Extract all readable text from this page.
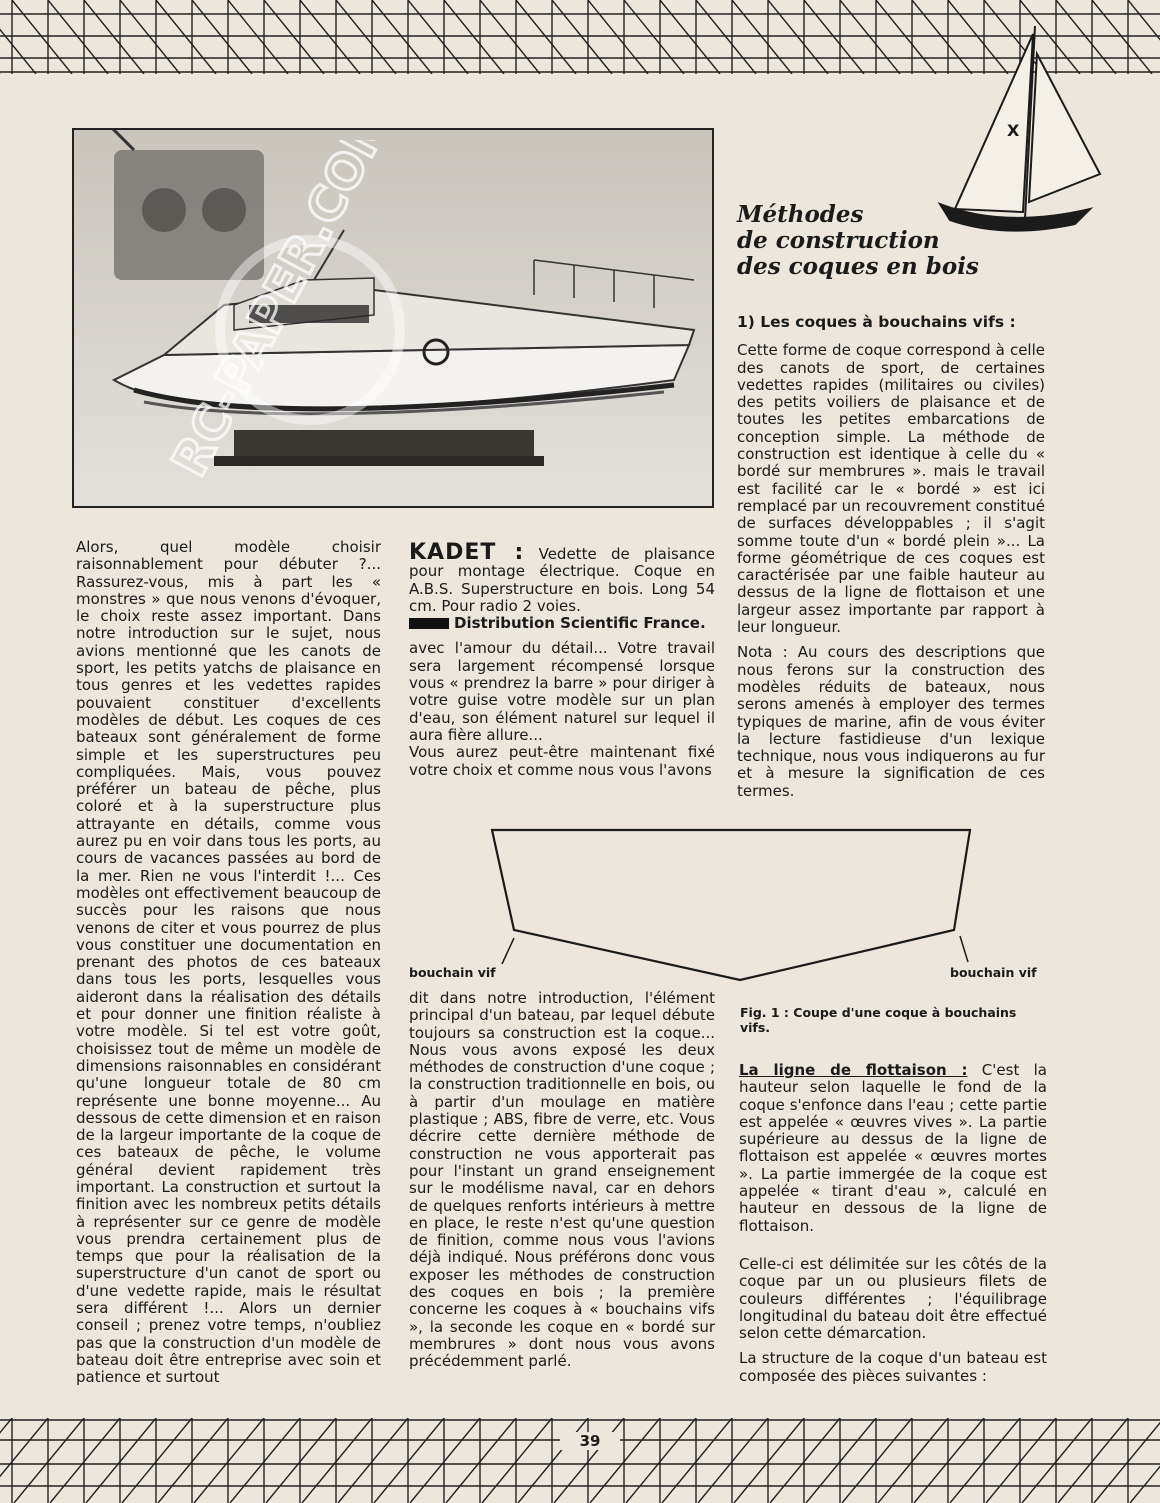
RC-PAPER.COM	X
Méthodes
de construction
des coques en bois

Alors, quel modèle choisir raisonnablement pour débuter ?... Rassurez-vous, mis à part les « monstres » que nous venons d'évoquer, le choix reste assez important. Dans notre introduction sur le sujet, nous avions mentionné que les canots de sport, les petits yatchs de plaisance en tous genres et les vedettes rapides pouvaient constituer d'excellents modèles de début. Les coques de ces bateaux sont généralement de forme simple et les superstructures peu compliquées. Mais, vous pouvez préférer un bateau de pêche, plus coloré et à la superstructure plus attrayante en détails, comme vous aurez pu en voir dans tous les ports, au cours de vacances passées au bord de la mer. Rien ne vous l'interdit !... Ces modèles ont effectivement beaucoup de succès pour les raisons que nous venons de citer et vous pourrez de plus vous constituer une documentation en prenant des photos de ces bateaux dans tous les ports, lesquelles vous aideront dans la réalisation des détails et pour donner une finition réaliste à votre modèle. Si tel est votre goût, choisissez tout de même un modèle de dimensions raisonnables en considérant qu'une longueur totale de 80 cm représente une bonne moyenne... Au dessous de cette dimension et en raison de la largeur importante de la coque de ces bateaux de pêche, le volume général devient rapidement très important. La construction et surtout la finition avec les nombreux petits détails à représenter sur ce genre de modèle vous prendra certainement plus de temps que pour la réalisation de la superstructure d'un canot de sport ou d'une vedette rapide, mais le résultat sera différent !... Alors un dernier conseil ; prenez votre temps, n'oubliez pas que la construction d'un modèle de bateau doit être entreprise avec soin et patience et surtout

KADET : Vedette de plaisance pour montage électrique. Coque en A.B.S. Superstructure en bois. Long 54 cm. Pour radio 2 voies.

Distribution Scientific France.

avec l'amour du détail... Votre travail sera largement récompensé lorsque vous « prendrez la barre » pour diriger à votre guise votre modèle sur un plan d'eau, son élément naturel sur lequel il aura fière allure...

Vous aurez peut-être maintenant fixé votre choix et comme nous vous l'avons

1) Les coques à bouchains vifs :

Cette forme de coque correspond à celle des canots de sport, de certaines vedettes rapides (militaires ou civiles) des petits voiliers de plaisance et de toutes les petites embarcations de conception simple. La méthode de construction est identique à celle du « bordé sur membrures ». mais le travail est facilité car le « bordé » est ici remplacé par un recouvrement constitué de surfaces développables ; il s'agit somme toute d'un « bordé plein »... La forme géométrique de ces coques est caractérisée par une faible hauteur au dessus de la ligne de flottaison et une largeur assez importante par rapport à leur longueur.

Nota : Au cours des descriptions que nous ferons sur la construction des modèles réduits de bateaux, nous serons amenés à employer des termes typiques de marine, afin de vous éviter la lecture fastidieuse d'un lexique technique, nous vous indiquerons au fur et à mesure la signification de ces termes.

bouchain vif	bouchain vif
Fig. 1 : Coupe d'une coque à bouchains vifs.

dit dans notre introduction, l'élément principal d'un bateau, par lequel débute toujours sa construction est la coque... Nous vous avons exposé les deux méthodes de construction d'une coque ; la construction traditionnelle en bois, ou à partir d'un moulage en matière plastique ; ABS, fibre de verre, etc. Vous décrire cette dernière méthode de construction ne vous apporterait pas pour l'instant un grand enseignement sur le modélisme naval, car en dehors de quelques renforts intérieurs à mettre en place, le reste n'est qu'une question de finition, comme nous vous l'avions déjà indiqué. Nous préférons donc vous exposer les méthodes de construction des coques en bois ; la première concerne les coques à « bouchains vifs », la seconde les coque en « bordé sur membrures » dont nous vous avons précédemment parlé.

La ligne de flottaison : C'est la hauteur selon laquelle le fond de la coque s'enfonce dans l'eau ; cette partie est appelée « œuvres vives ». La partie supérieure au dessus de la ligne de flottaison est appelée « œuvres mortes ». La partie immergée de la coque est appelée « tirant d'eau », calculé en hauteur en dessous de la ligne de flottaison.

Celle-ci est délimitée sur les côtés de la coque par un ou plusieurs filets de couleurs différentes ; l'équilibrage longitudinal du bateau doit être effectué selon cette démarcation.

La structure de la coque d'un bateau est composée des pièces suivantes :

39
